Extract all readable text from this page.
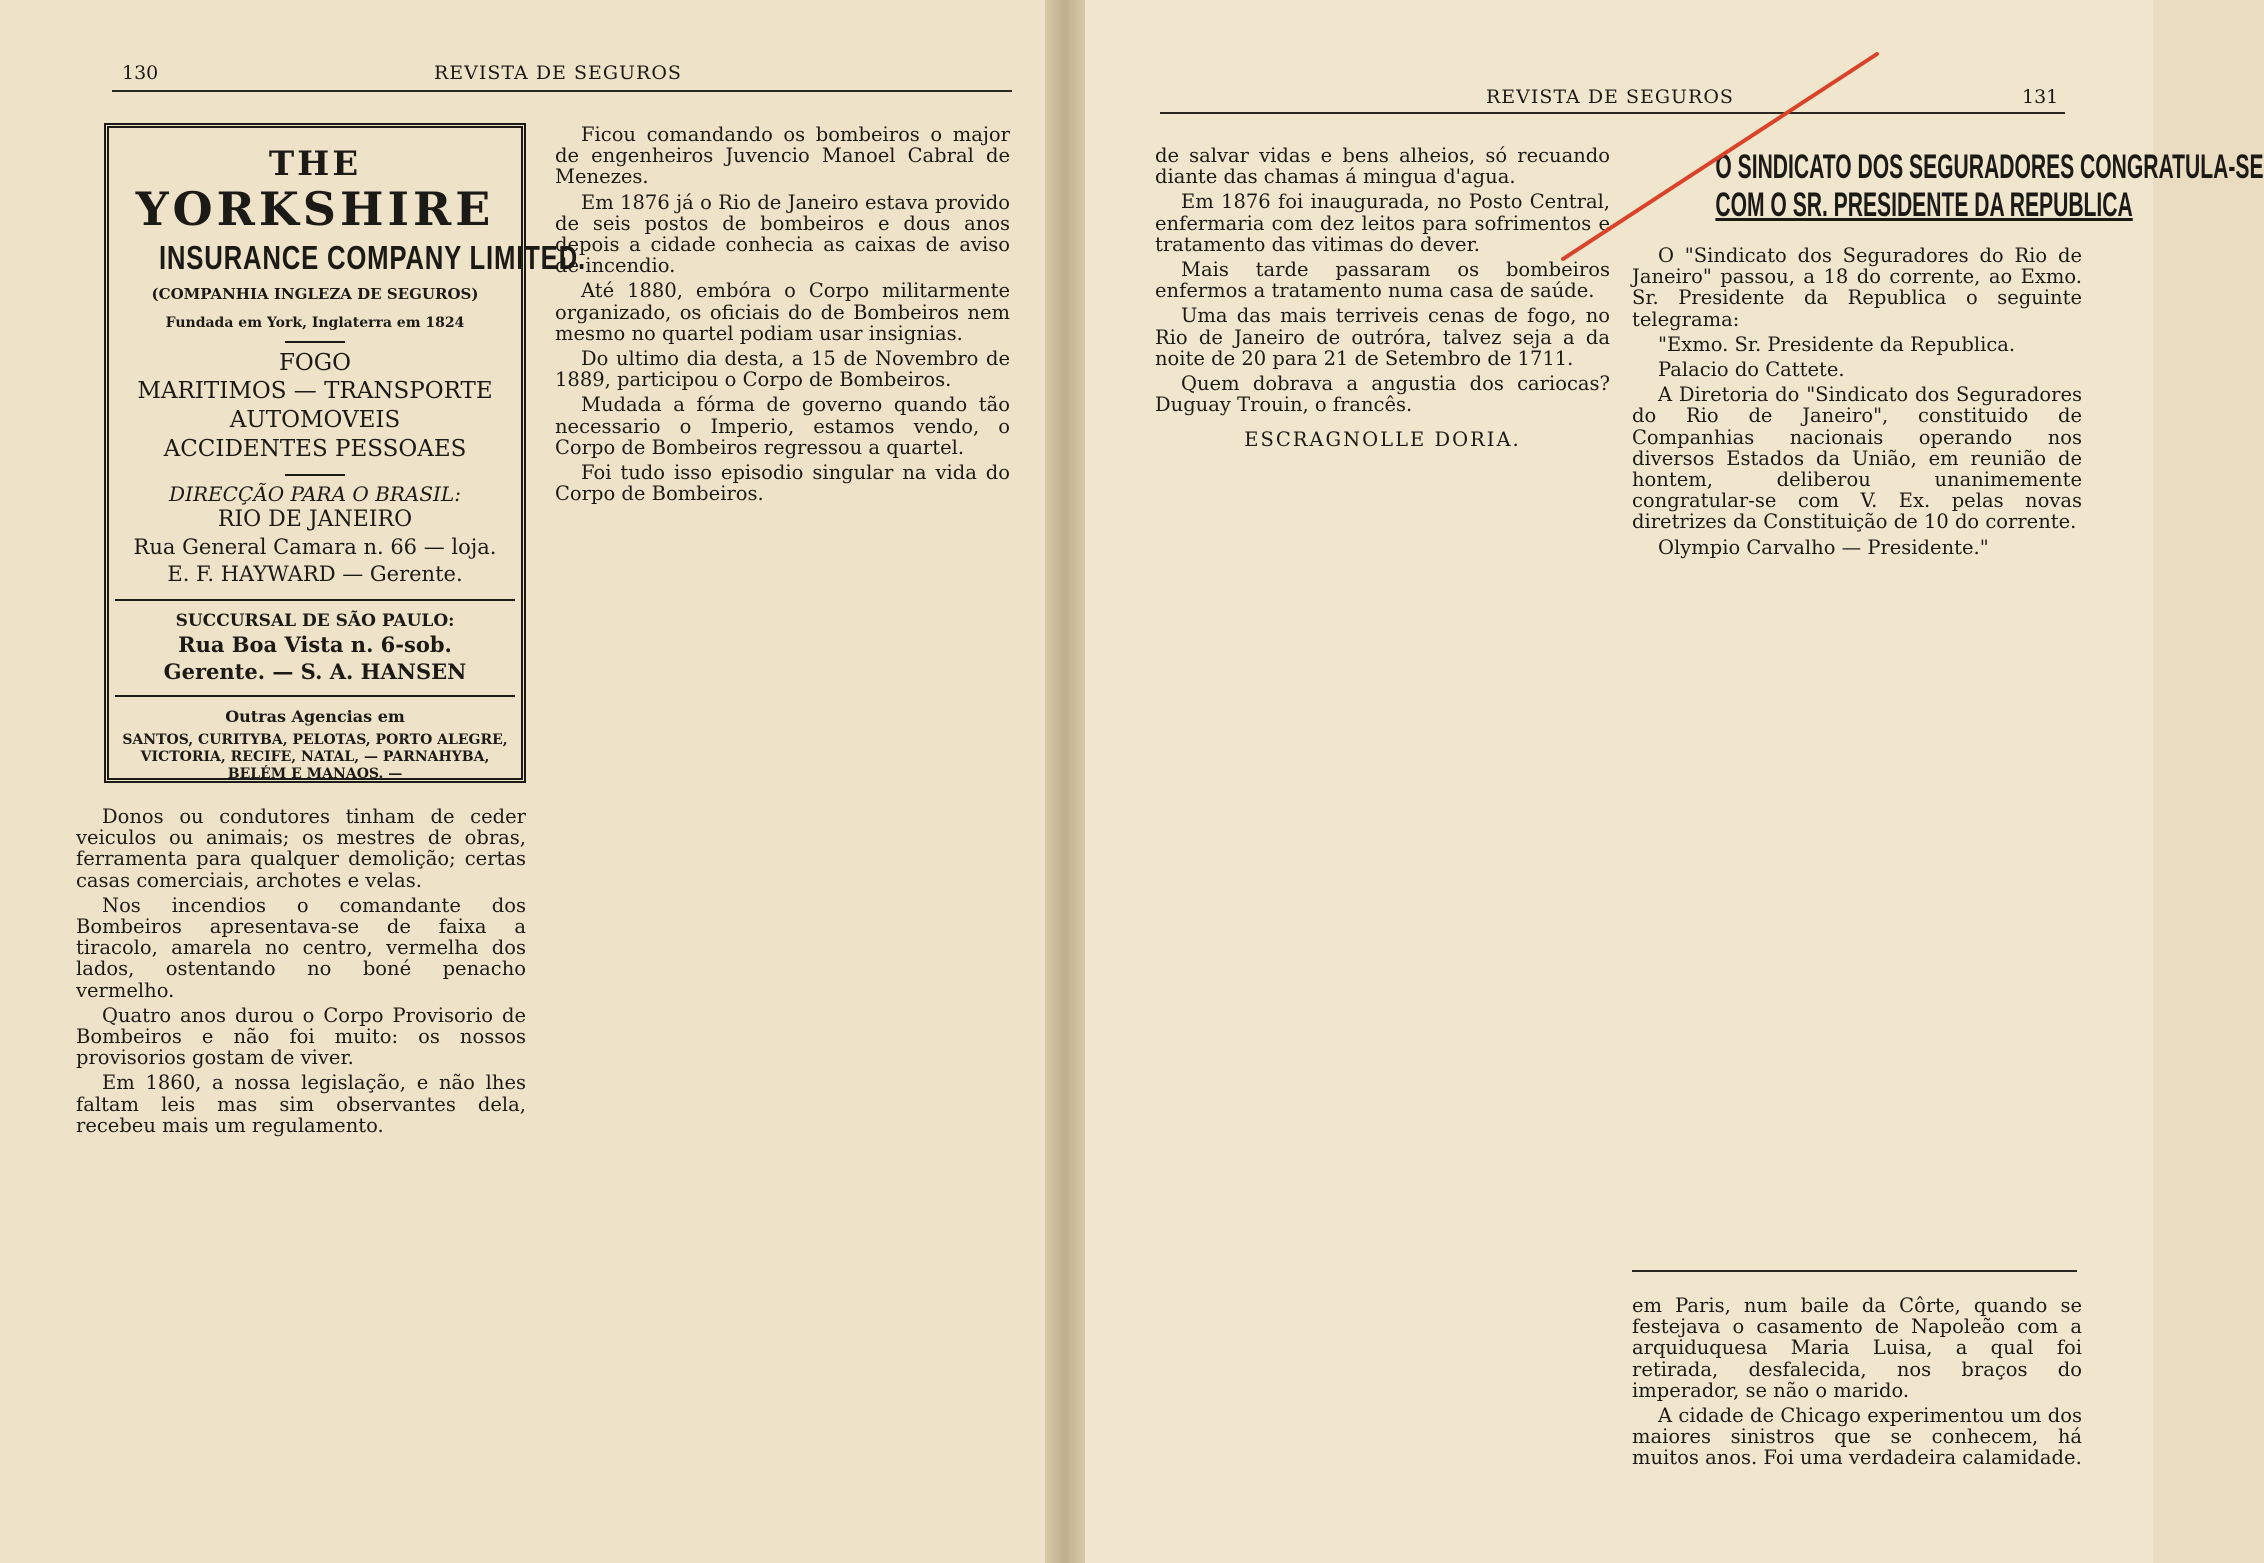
130	REVISTA DE SEGUROS
REVISTA DE SEGUROS	131
THE
YORKSHIRE
INSURANCE COMPANY LIMITED.
(COMPANHIA INGLEZA DE SEGUROS)
Fundada em York, Inglaterra em 1824
FOGO
MARITIMOS — TRANSPORTE
AUTOMOVEIS
ACCIDENTES PESSOAES
DIRECÇÃO PARA O BRASIL:
RIO DE JANEIRO
Rua General Camara n. 66 — loja.
E. F. HAYWARD — Gerente.
SUCCURSAL DE SÃO PAULO:
Rua Boa Vista n. 6-sob.
Gerente. — S. A. HANSEN
Outras Agencias em
SANTOS, CURITYBA, PELOTAS, PORTO ALEGRE, VICTORIA, RECIFE, NATAL, — PARNAHYBA, BELÉM E MANAOS. —

Donos ou condutores tinham de ceder veiculos ou animais; os mestres de obras, ferramenta para qualquer demolição; certas casas comerciais, archotes e velas.

Nos incendios o comandante dos Bombeiros apresentava-se de faixa a tiracolo, amarela no centro, vermelha dos lados, ostentando no boné penacho vermelho.

Quatro anos durou o Corpo Provisorio de Bombeiros e não foi muito: os nossos provisorios gostam de viver.

Em 1860, a nossa legislação, e não lhes faltam leis mas sim observantes dela, recebeu mais um regulamento.

Ficou comandando os bombeiros o major de engenheiros Juvencio Manoel Cabral de Menezes.

Em 1876 já o Rio de Janeiro estava provido de seis postos de bombeiros e dous anos depois a cidade conhecia as caixas de aviso de incendio.

Até 1880, embóra o Corpo militarmente organizado, os oficiais do de Bombeiros nem mesmo no quartel podiam usar insignias.

Do ultimo dia desta, a 15 de Novembro de 1889, participou o Corpo de Bombeiros.

Mudada a fórma de governo quando tão necessario o Imperio, estamos vendo, o Corpo de Bombeiros regressou a quartel.

Foi tudo isso episodio singular na vida do Corpo de Bombeiros.

de salvar vidas e bens alheios, só recuando diante das chamas á mingua d'agua.

Em 1876 foi inaugurada, no Posto Central, enfermaria com dez leitos para sofrimentos e tratamento das vitimas do dever.

Mais tarde passaram os bombeiros enfermos a tratamento numa casa de saúde.

Uma das mais terriveis cenas de fogo, no Rio de Janeiro de outróra, talvez seja a da noite de 20 para 21 de Setembro de 1711.

Quem dobrava a angustia dos cariocas? Duguay Trouin, o francês.

ESCRAGNOLLE DORIA.

O SINDICATO DOS SEGURADORES CONGRATULA-SE
COM O SR. PRESIDENTE DA REPUBLICA

O "Sindicato dos Seguradores do Rio de Janeiro" passou, a 18 do corrente, ao Exmo. Sr. Presidente da Republica o seguinte telegrama:

"Exmo. Sr. Presidente da Republica.

Palacio do Cattete.

A Diretoria do "Sindicato dos Seguradores do Rio de Janeiro", constituido de Companhias nacionais operando nos diversos Estados da União, em reunião de hontem, deliberou unanimemente congratular-se com V. Ex. pelas novas diretrizes da Constituição de 10 do corrente.

Olympio Carvalho — Presidente."

em Paris, num baile da Côrte, quando se festejava o casamento de Napoleão com a arquiduquesa Maria Luisa, a qual foi retirada, desfalecida, nos braços do imperador, se não o marido.

A cidade de Chicago experimentou um dos maiores sinistros que se conhecem, há muitos anos. Foi uma verdadeira calamidade.
